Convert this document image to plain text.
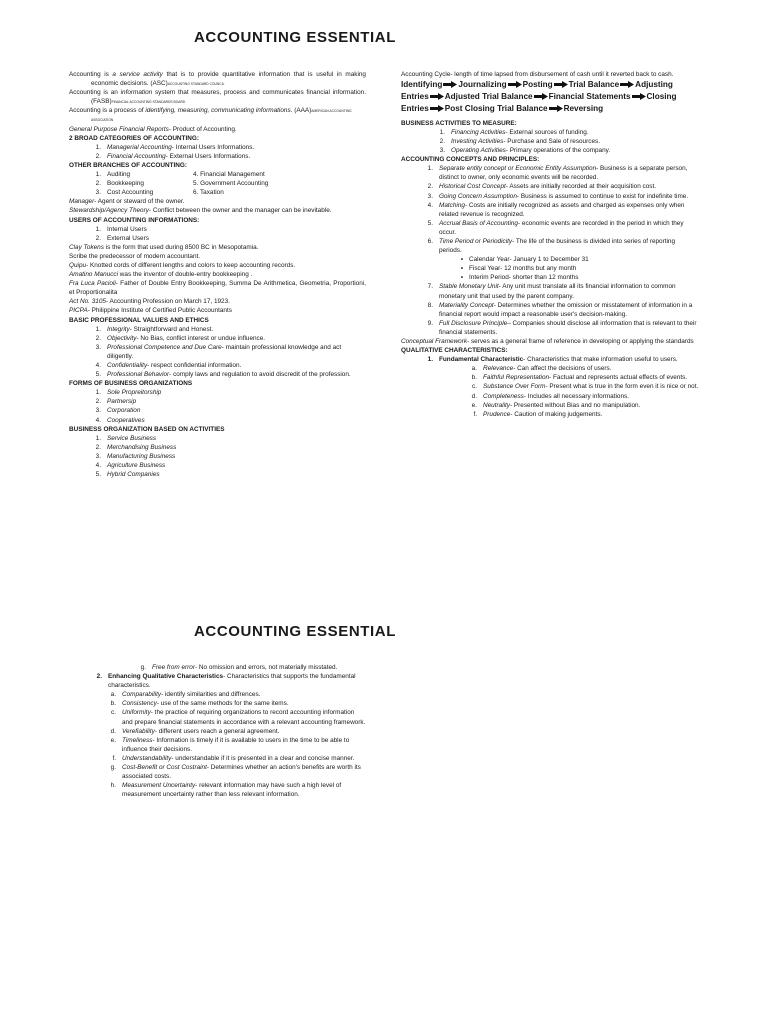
ACCOUNTING ESSENTIAL

Accounting is a service activity that is to provide quantitative information that is useful in making economic decisions. (ASC)ACCOUNTING STANDARD COUNCIL

Accounting is an information system that measures, process and communicates financial information. (FASB)FINANCIAL ACCOUNTING STANDARDS BOARD

Accounting is a process of identifying, measuring, communicating informations. (AAA)AMERICAN ACCOUNTING ASSOCIATION

General Purpose Financial Reports- Product of Accounting.

2 BROAD CATEGORIES OF ACCOUNTING:

1. Managerial Accounting- Internal Users Informations.
2. Financial Accounting- External Users Informations.

OTHER BRANCHES OF ACCOUNTING:

1. Auditing	4. Financial Management
2. Bookkeeping	5. Government Accounting
3. Cost Accounting	6. Taxation

Manager- Agent or steward of the owner.

Stewardship/Agency Theory- Conflict between the owner and the manager can be inevitable.

USERS OF ACCOUNTING INFORMATIONS:

1. Internal Users
2. External Users

Clay Tokens is the form that used during 8500 BC in Mesopotamia.

Scribe the predecessor of modern accountant.

Quipu- Knotted cords of different lengths and colors to keep accounting records.

Amatino Manucci was the inventor of double-entry bookkeeping .

Fra Luca Pacioli- Father of Double Entry Bookkeeping, Summa De Arithmetica, Geometria, Proportioni, et Proportionalita

Act No. 3105- Accounting Profession on March 17, 1923.

PICPA- Philippine Institute of Certified Public Accountants

BASIC PROFESSIONAL VALUES AND ETHICS

1. Integrity- Straightforward and Honest.
2. Objectivity- No Bias, conflict interest or undue influence.
3. Professional Competence and Due Care- maintain professional knowledge and act diligently.
4. Confidentiality- respect confidential information.
5. Professional Behavior- comply laws and regulation to avoid discredit of the profession.

FORMS OF BUSINESS ORGANIZATIONS

1. Sole Propreitorship
2. Partnersip
3. Corporation
4. Cooperatives

BUSINESS ORGANIZATION BASED ON ACTIVITIES

1. Service Business
2. Merchandising Business
3. Manufacturing Business
4. Agriculture Business
5. Hybrid Companies

Accounting Cycle- length of time lapsed from disbursement of cash until it reverted back to cash.

Identifying Journalizing Posting Trial Balance Adjusting Entries Adjusted Trial Balance Financial Statements Closing Entries Post Closing Trial Balance Reversing

BUSINESS ACTIVITIES TO MEASURE:

1. Financing Activities- External sources of funding.
2. Investing Activities- Purchase and Sale of resources.
3. Operating Activities- Primary operations of the company.

ACCOUNTING CONCEPTS AND PRINCIPLES:

1. Separate entity concept or Economic Entity Assumption- Business is a separate person, distinct to owner, only economic events will be recorded.
2. Historical Cost Concept- Assets are initially recorded at their acquisition cost.
3. Going Concern Assumption- Business is assumed to continue to exist for indefinite time.
4. Matching- Costs are initially recognized as assets and charged as expenses only when related revenue is recognized.
5. Accrual Basis of Accounting- economic events are recorded in the period in which they occur.
6. Time Period or Periodicity- The life of the business is divided into series of reporting periods.
▪ Calendar Year- January 1 to December 31
▪ Fiscal Year- 12 months but any month
▪ Interim Period- shorter than 12 months
7. Stable Monetary Unit- Any unit must translate all its financial information to common monetary unit that used by the parent company.
8. Materiality Concept- Determines whether the omission or misstatement of information in a financial report would impact a reasonable user's decision-making.
9. Full Disclosure Principle– Companies should disclose all information that is relevant to their financial statements.

Conceptual Framework- serves as a general frame of reference in developing or applying the standards

QUALITATIVE CHARACTERISTICS:

1. Fundamental Characteristic- Characteristics that make information useful to users.
a. Relevance- Can affect the decisions of users.
b. Faithful Representation- Factual and represents actual effects of events.
c. Substance Over Form- Present what is true in the form even it is nice or not.
d. Completeness- Includes all necessary informations.
e. Neutrality- Presented without Bias and no manipulation.
f. Prudence- Caution of making judgements.
ACCOUNTING ESSENTIAL
g. Free from error- No omission and errors, not materially misstated.
2. Enhancing Qualitative Characteristics- Characteristics that supports the fundamental characteristics.
a. Comparability- identify similarities and diffrences.
b. Consistency- use of the same methods for the same items.
c. Uniformity- the practice of requiring organizations to record accounting information and prepare financial statements in accordance with a relevant accounting framework.
d. Verefiability- different users reach a general agreement.
e. Timeliness- Information is timely if it is available to users in the time to be able to influence their decisions.
f. Understandability- understandable if it is presented in a clear and concise manner.
g. Cost-Benefit or Cost Costraint- Determines whether an action's benefits are worth its associated costs.
h. Measurement Uncertainty- relevant information may have such a high level of measurement uncertainty rather than less relevant information.
